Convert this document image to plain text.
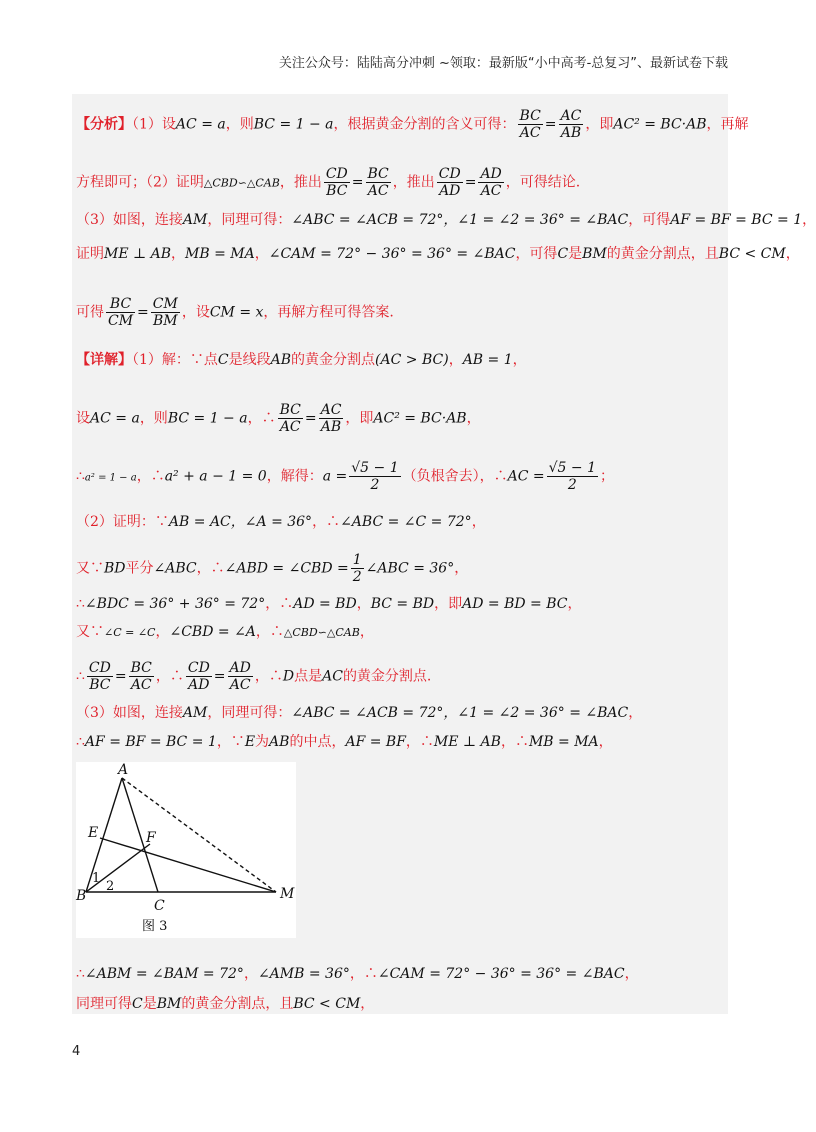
关注公众号：陆陆高分冲刺 ~领取：最新版“小中高考-总复习”、最新试卷下载
【分析】（1）设AC = a，则BC = 1 − a，根据黄金分割的含义可得： $\frac{BC}{AC} = \frac{AC}{AB}$ ，即AC² = BC·AB，再解
方程即可；（2）证明△CBD∽△CAB，推出 $\frac{CD}{BC} = \frac{BC}{AC}$ ，推出 $\frac{CD}{AD} = \frac{AD}{AC}$ ，可得结论.
（3）如图，连接AM，同理可得：∠ABC = ∠ACB = 72°，∠1 = ∠2 = 36° = ∠BAC，可得AF = BF = BC = 1，
证明ME ⊥ AB，MB = MA，∠CAM = 72° − 36° = 36° = ∠BAC，可得C是BM的黄金分割点，且BC < CM，
可得 $\frac{BC}{CM} = \frac{CM}{BM}$ ，设CM = x，再解方程可得答案.
【详解】（1）解：∵点C是线段AB的黄金分割点(AC > BC)，AB = 1，
设AC = a，则BC = 1 − a，∴ $\frac{BC}{AC} = \frac{AC}{AB}$ ，即AC² = BC·AB，
∴a² = 1 − a，∴a² + a − 1 = 0，解得：$a = \frac{√5 - 1}{2}$ （负根舍去），∴AC = $\frac{√5 - 1}{2}$ ；
（2）证明：∵AB = AC，∠A = 36°，∴∠ABC = ∠C = 72°，
又∵BD平分∠ABC，∴∠ABD = ∠CBD = $\frac{1}{2}$ ∠ABC = 36°，
∴∠BDC = 36° + 36° = 72°，∴AD = BD，BC = BD，即AD = BD = BC，
又∵∠C = ∠C，∠CBD = ∠A，∴△CBD∽△CAB，
∴ $\frac{CD}{BC} = \frac{BC}{AC}$ ，∴ $\frac{CD}{AD} = \frac{AD}{AC}$ ，∴D点是AC的黄金分割点.
（3）如图，连接AM，同理可得：∠ABC = ∠ACB = 72°，∠1 = ∠2 = 36° = ∠BAC，
∴AF = BF = BC = 1，∵E为AB的中点，AF = BF，∴ME ⊥ AB，∴MB = MA，
A
E	F
B
C
M
1
2
图 3
∴∠ABM = ∠BAM = 72°，∠AMB = 36°，∴∠CAM = 72° − 36° = 36° = ∠BAC，
同理可得C是BM的黄金分割点，且BC < CM，
4
